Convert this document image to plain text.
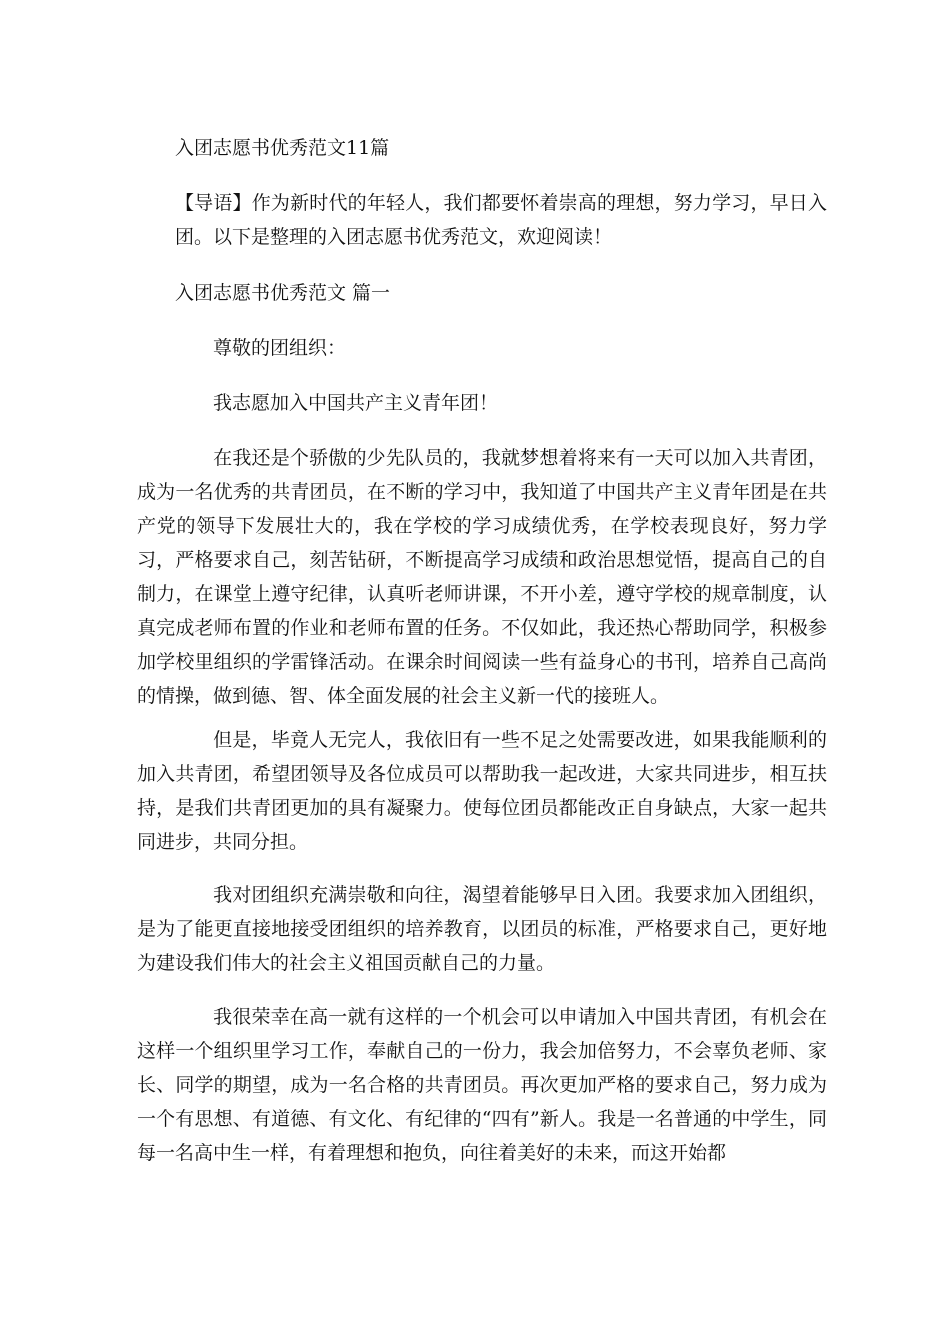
入团志愿书优秀范文11篇

【导语】作为新时代的年轻人，我们都要怀着崇高的理想，努力学习，早日入团。以下是整理的入团志愿书优秀范文，欢迎阅读！

入团志愿书优秀范文 篇一

尊敬的团组织：

我志愿加入中国共产主义青年团！

在我还是个骄傲的少先队员的，我就梦想着将来有一天可以加入共青团，成为一名优秀的共青团员，在不断的学习中，我知道了中国共产主义青年团是在共产党的领导下发展壮大的，我在学校的学习成绩优秀，在学校表现良好，努力学习，严格要求自己，刻苦钻研，不断提高学习成绩和政治思想觉悟，提高自己的自制力，在课堂上遵守纪律，认真听老师讲课，不开小差，遵守学校的规章制度，认真完成老师布置的作业和老师布置的任务。不仅如此，我还热心帮助同学，积极参加学校里组织的学雷锋活动。在课余时间阅读一些有益身心的书刊，培养自己高尚的情操，做到德、智、体全面发展的社会主义新一代的接班人。

但是，毕竟人无完人，我依旧有一些不足之处需要改进，如果我能顺利的加入共青团，希望团领导及各位成员可以帮助我一起改进，大家共同进步，相互扶持，是我们共青团更加的具有凝聚力。使每位团员都能改正自身缺点，大家一起共同进步，共同分担。

我对团组织充满崇敬和向往，渴望着能够早日入团。我要求加入团组织，是为了能更直接地接受团组织的培养教育，以团员的标准，严格要求自己，更好地为建设我们伟大的社会主义祖国贡献自己的力量。

我很荣幸在高一就有这样的一个机会可以申请加入中国共青团，有机会在这样一个组织里学习工作，奉献自己的一份力，我会加倍努力，不会辜负老师、家长、同学的期望，成为一名合格的共青团员。再次更加严格的要求自己，努力成为一个有思想、有道德、有文化、有纪律的“四有”新人。我是一名普通的中学生，同每一名高中生一样，有着理想和抱负，向往着美好的未来，而这开始都
